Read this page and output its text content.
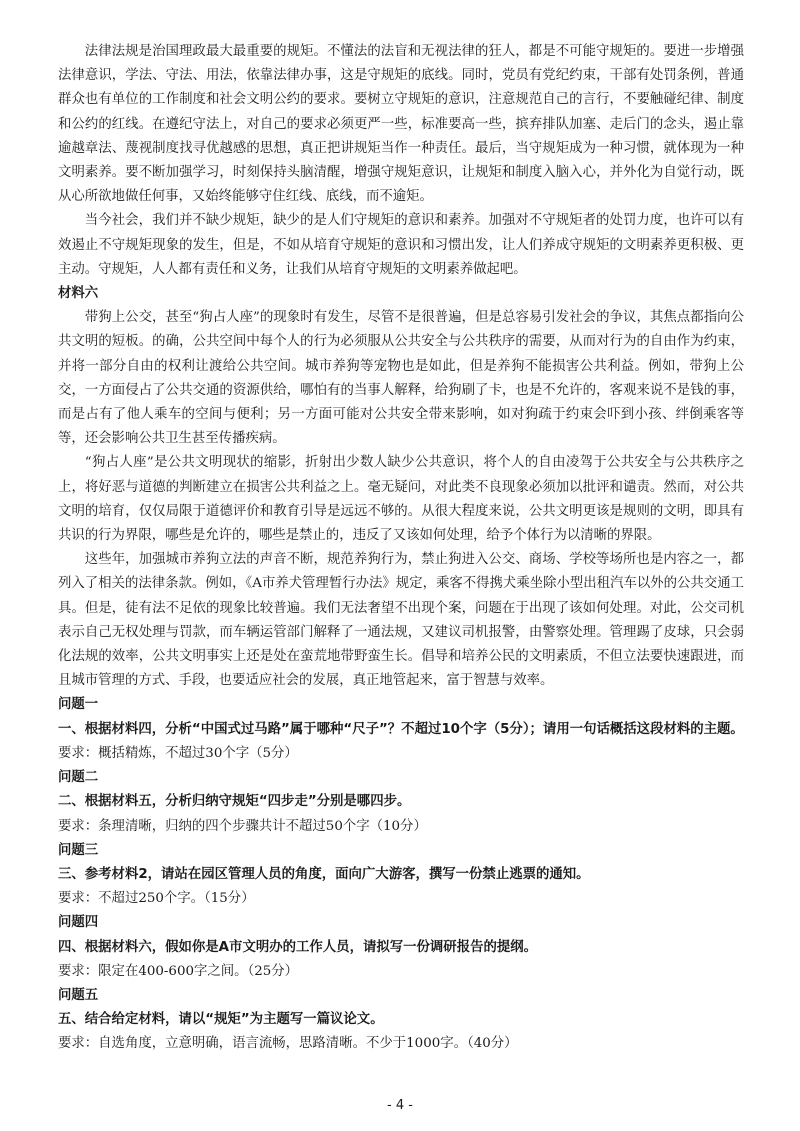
法律法规是治国理政最大最重要的规矩。不懂法的法盲和无视法律的狂人，都是不可能守规矩的。要进一步增强法律意识，学法、守法、用法，依靠法律办事，这是守规矩的底线。同时，党员有党纪约束，干部有处罚条例，普通群众也有单位的工作制度和社会文明公约的要求。要树立守规矩的意识，注意规范自己的言行，不要触碰纪律、制度和公约的红线。在遵纪守法上，对自己的要求必须更严一些，标准要高一些，摈弃排队加塞、走后门的念头，遏止靠逾越章法、蔑视制度找寻优越感的思想，真正把讲规矩当作一种责任。最后，当守规矩成为一种习惯，就体现为一种文明素养。要不断加强学习，时刻保持头脑清醒，增强守规矩意识，让规矩和制度入脑入心，并外化为自觉行动，既从心所欲地做任何事，又始终能够守住红线、底线，而不逾矩。

当今社会，我们并不缺少规矩，缺少的是人们守规矩的意识和素养。加强对不守规矩者的处罚力度，也许可以有效遏止不守规矩现象的发生，但是，不如从培育守规矩的意识和习惯出发，让人们养成守规矩的文明素养更积极、更主动。守规矩，人人都有责任和义务，让我们从培育守规矩的文明素养做起吧。

材料六

带狗上公交，甚至“狗占人座”的现象时有发生，尽管不是很普遍，但是总容易引发社会的争议，其焦点都指向公共文明的短板。的确，公共空间中每个人的行为必须服从公共安全与公共秩序的需要，从而对行为的自由作为约束，并将一部分自由的权利让渡给公共空间。城市养狗等宠物也是如此，但是养狗不能损害公共利益。例如，带狗上公交，一方面侵占了公共交通的资源供给，哪怕有的当事人解释，给狗刷了卡，也是不允许的，客观来说不是钱的事，而是占有了他人乘车的空间与便利；另一方面可能对公共安全带来影响，如对狗疏于约束会吓到小孩、绊倒乘客等等，还会影响公共卫生甚至传播疾病。

“狗占人座”是公共文明现状的缩影，折射出少数人缺少公共意识，将个人的自由凌驾于公共安全与公共秩序之上，将好恶与道德的判断建立在损害公共利益之上。毫无疑问，对此类不良现象必须加以批评和谴责。然而，对公共文明的培育，仅仅局限于道德评价和教育引导是远远不够的。从很大程度来说，公共文明更该是规则的文明，即具有共识的行为界限，哪些是允许的，哪些是禁止的，违反了又该如何处理，给予个体行为以清晰的界限。

这些年，加强城市养狗立法的声音不断，规范养狗行为，禁止狗进入公交、商场、学校等场所也是内容之一，都列入了相关的法律条款。例如，《A市养犬管理暂行办法》规定，乘客不得携犬乘坐除小型出租汽车以外的公共交通工具。但是，徒有法不足依的现象比较普遍。我们无法奢望不出现个案，问题在于出现了该如何处理。对此，公交司机表示自己无权处理与罚款，而车辆运管部门解释了一通法规，又建议司机报警，由警察处理。管理踢了皮球，只会弱化法规的效率，公共文明事实上还是处在蛮荒地带野蛮生长。倡导和培养公民的文明素质，不但立法要快速跟进，而且城市管理的方式、手段，也要适应社会的发展，真正地管起来，富于智慧与效率。

问题一

一、根据材料四，分析“中国式过马路”属于哪种“尺子”？不超过10个字（5分）；请用一句话概括这段材料的主题。

要求：概括精炼，不超过30个字（5分）

问题二

二、根据材料五，分析归纳守规矩“四步走”分别是哪四步。

要求：条理清晰，归纳的四个步骤共计不超过50个字（10分）

问题三

三、参考材料2，请站在园区管理人员的角度，面向广大游客，撰写一份禁止逃票的通知。

要求：不超过250个字。（15分）

问题四

四、根据材料六，假如你是A市文明办的工作人员，请拟写一份调研报告的提纲。

要求：限定在400-600字之间。（25分）

问题五

五、结合给定材料，请以“规矩”为主题写一篇议论文。

要求：自选角度，立意明确，语言流畅，思路清晰。不少于1000字。（40分）

- 4 -
